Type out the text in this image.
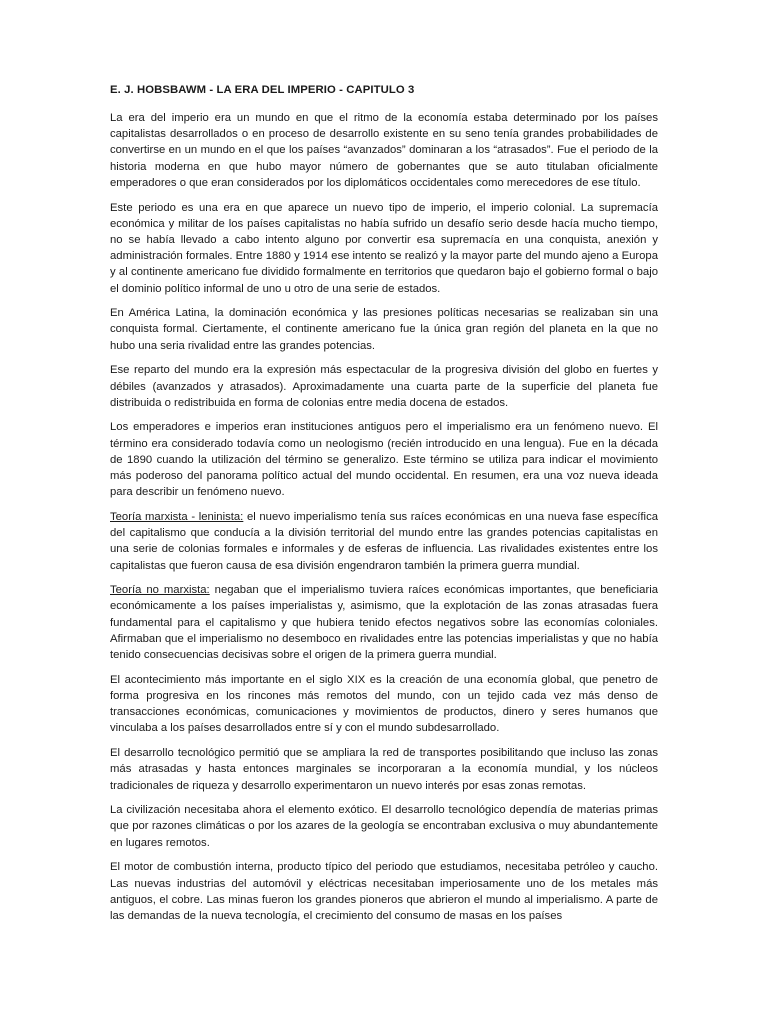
E. J. HOBSBAWM - LA ERA DEL IMPERIO - CAPITULO 3

La era del imperio era un mundo en que el ritmo de la economía estaba determinado por los países capitalistas desarrollados o en proceso de desarrollo existente en su seno tenía grandes probabilidades de convertirse en un mundo en el que los países “avanzados” dominaran a los “atrasados”. Fue el periodo de la historia moderna en que hubo mayor número de gobernantes que se auto titulaban oficialmente emperadores o que eran considerados por los diplomáticos occidentales como merecedores de ese título.

Este periodo es una era en que aparece un nuevo tipo de imperio, el imperio colonial. La supremacía económica y militar de los países capitalistas no había sufrido un desafío serio desde hacía mucho tiempo, no se había llevado a cabo intento alguno por convertir esa supremacía en una conquista, anexión y administración formales. Entre 1880 y 1914 ese intento se realizó y la mayor parte del mundo ajeno a Europa y al continente americano fue dividido formalmente en territorios que quedaron bajo el gobierno formal o bajo el dominio político informal de uno u otro de una serie de estados.

En América Latina, la dominación económica y las presiones políticas necesarias se realizaban sin una conquista formal. Ciertamente, el continente americano fue la única gran región del planeta en la que no hubo una seria rivalidad entre las grandes potencias.

Ese reparto del mundo era la expresión más espectacular de la progresiva división del globo en fuertes y débiles (avanzados y atrasados). Aproximadamente una cuarta parte de la superficie del planeta fue distribuida o redistribuida en forma de colonias entre media docena de estados.

Los emperadores e imperios eran instituciones antiguos pero el imperialismo era un fenómeno nuevo. El término era considerado todavía como un neologismo (recién introducido en una lengua). Fue en la década de 1890 cuando la utilización del término se generalizo. Este término se utiliza para indicar el movimiento más poderoso del panorama político actual del mundo occidental. En resumen, era una voz nueva ideada para describir un fenómeno nuevo.

Teoría marxista - leninista: el nuevo imperialismo tenía sus raíces económicas en una nueva fase específica del capitalismo que conducía a la división territorial del mundo entre las grandes potencias capitalistas en una serie de colonias formales e informales y de esferas de influencia. Las rivalidades existentes entre los capitalistas que fueron causa de esa división engendraron también la primera guerra mundial.

Teoría no marxista: negaban que el imperialismo tuviera raíces económicas importantes, que beneficiaria económicamente a los países imperialistas y, asimismo, que la explotación de las zonas atrasadas fuera fundamental para el capitalismo y que hubiera tenido efectos negativos sobre las economías coloniales. Afirmaban que el imperialismo no desemboco en rivalidades entre las potencias imperialistas y que no había tenido consecuencias decisivas sobre el origen de la primera guerra mundial.

El acontecimiento más importante en el siglo XIX es la creación de una economía global, que penetro de forma progresiva en los rincones más remotos del mundo, con un tejido cada vez más denso de transacciones económicas, comunicaciones y movimientos de productos, dinero y seres humanos que vinculaba a los países desarrollados entre sí y con el mundo subdesarrollado.

El desarrollo tecnológico permitió que se ampliara la red de transportes posibilitando que incluso las zonas más atrasadas y hasta entonces marginales se incorporaran a la economía mundial, y los núcleos tradicionales de riqueza y desarrollo experimentaron un nuevo interés por esas zonas remotas.

La civilización necesitaba ahora el elemento exótico. El desarrollo tecnológico dependía de materias primas que por razones climáticas o por los azares de la geología se encontraban exclusiva o muy abundantemente en lugares remotos.

El motor de combustión interna, producto típico del periodo que estudiamos, necesitaba petróleo y caucho. Las nuevas industrias del automóvil y eléctricas necesitaban imperiosamente uno de los metales más antiguos, el cobre. Las minas fueron los grandes pioneros que abrieron el mundo al imperialismo. A parte de las demandas de la nueva tecnología, el crecimiento del consumo de masas en los países
